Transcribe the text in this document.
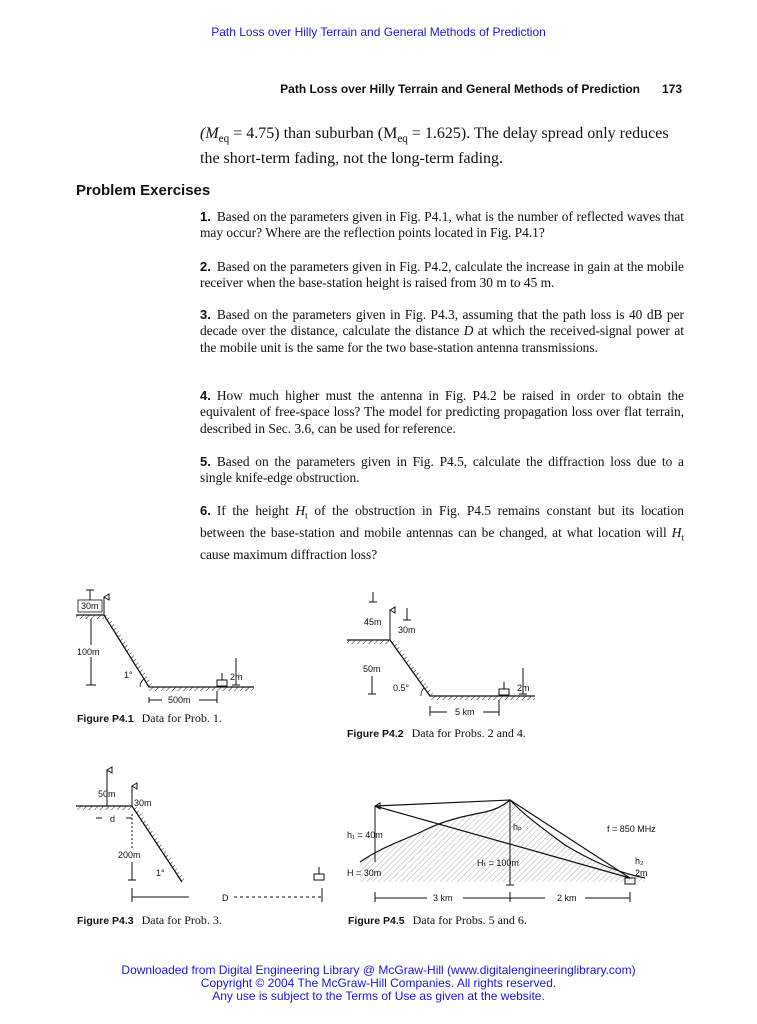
Path Loss over Hilly Terrain and General Methods of Prediction
Path Loss over Hilly Terrain and General Methods of Prediction 173
$(M_{eq} = 4.75)$ than suburban $(M_{eq} = 1.625)$. The delay spread only reduces the short-term fading, not the long-term fading.
Problem Exercises
1. Based on the parameters given in Fig. P4.1, what is the number of reflected waves that may occur? Where are the reflection points located in Fig. P4.1?
2. Based on the parameters given in Fig. P4.2, calculate the increase in gain at the mobile receiver when the base-station height is raised from 30 m to 45 m.
3. Based on the parameters given in Fig. P4.3, assuming that the path loss is 40 dB per decade over the distance, calculate the distance D at which the received-signal power at the mobile unit is the same for the two base-station antenna transmissions.
4. How much higher must the antenna in Fig. P4.2 be raised in order to obtain the equivalent of free-space loss? The model for predicting propagation loss over flat terrain, described in Sec. 3.6, can be used for reference.
5. Based on the parameters given in Fig. P4.5, calculate the diffraction loss due to a single knife-edge obstruction.
6. If the height $H_t$ of the obstruction in Fig. P4.5 remains constant but its location between the base-station and mobile antennas can be changed, at what location will $H_t$ cause maximum diffraction loss?
30m
100m
1°	2m
500m
Figure P4.1 Data for Prob. 1.
45m
30m
50m
0.5°	2m
5 km
Figure P4.2 Data for Probs. 2 and 4.
50m
30m
d
200m
1°
D
Figure P4.3 Data for Prob. 3.
hₚ
h₁ = 40m
f = 850 MHz
Hₜ = 100m
H = 30m
h₂
2m
3 km	2 km
Figure P4.5 Data for Probs. 5 and 6.
Downloaded from Digital Engineering Library @ McGraw-Hill (www.digitalengineeringlibrary.com)
Copyright © 2004 The McGraw-Hill Companies. All rights reserved.
Any use is subject to the Terms of Use as given at the website.
